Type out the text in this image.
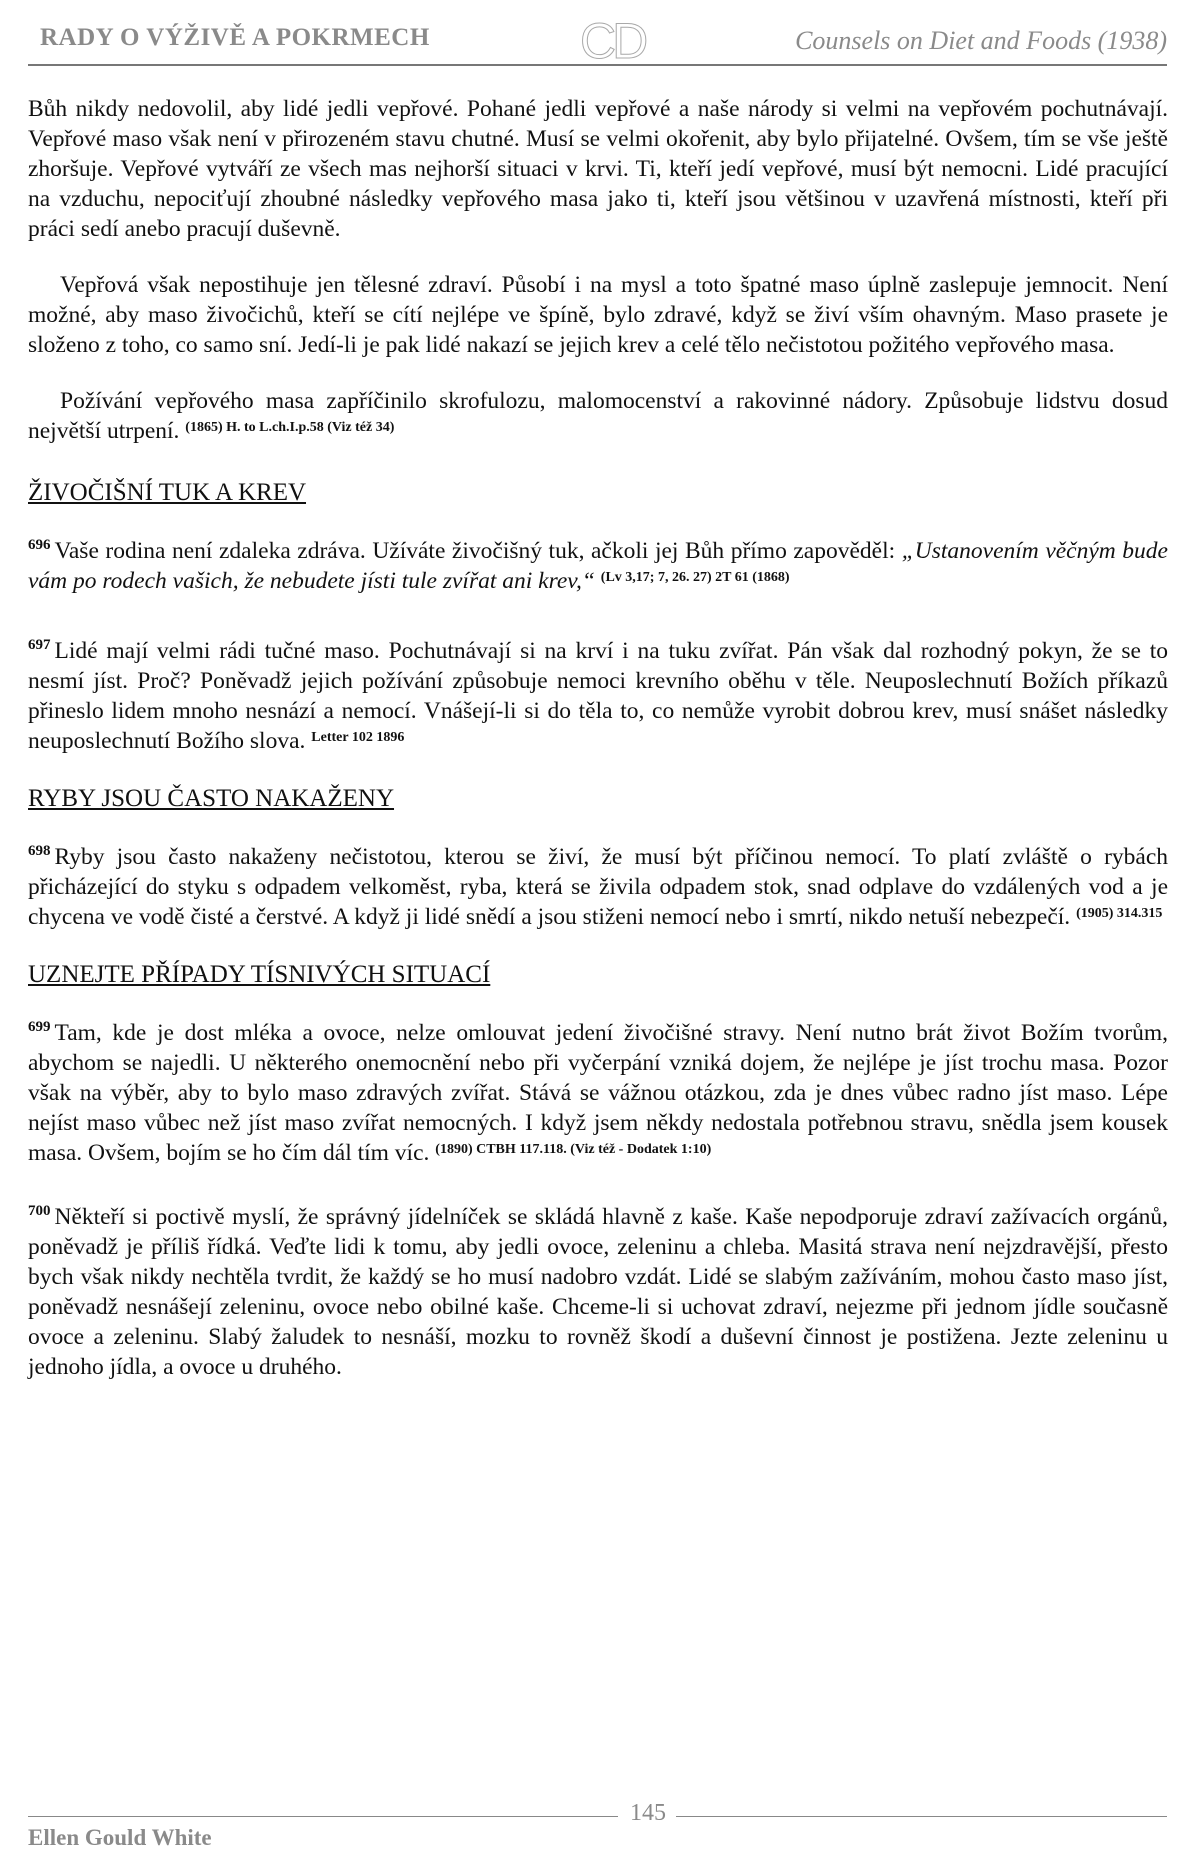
RADY O VÝŽIVĚ A POKRMECH	CD	Counsels on Diet and Foods (1938)

Bůh nikdy nedovolil, aby lidé jedli vepřové. Pohané jedli vepřové a naše národy si velmi na vepřovém pochutnávají. Vepřové maso však není v přirozeném stavu chutné. Musí se velmi okořenit, aby bylo přijatelné. Ovšem, tím se vše ještě zhoršuje. Vepřové vytváří ze všech mas nejhorší situaci v krvi. Ti, kteří jedí vepřové, musí být nemocni. Lidé pracující na vzduchu, nepociťují zhoubné následky vepřového masa jako ti, kteří jsou většinou v uzavřená místnosti, kteří při práci sedí anebo pracují duševně.

Vepřová však nepostihuje jen tělesné zdraví. Působí i na mysl a toto špatné maso úplně zaslepuje jemnocit. Není možné, aby maso živočichů, kteří se cítí nejlépe ve špíně, bylo zdravé, když se živí vším ohavným. Maso prasete je složeno z toho, co samo sní. Jedí-li je pak lidé nakazí se jejich krev a celé tělo nečistotou požitého vepřového masa.

Požívání vepřového masa zapříčinilo skrofulozu, malomocenství a rakovinné nádory. Způsobuje lidstvu dosud největší utrpení. $^{(1865) H. to L.ch.I.p.58 (Viz též 34)}$

ŽIVOČIŠNÍ TUK A KREV

$^{696}$ Vaše rodina není zdaleka zdráva. Užíváte živočišný tuk, ačkoli jej Bůh přímo zapověděl: „Ustanovením věčným bude vám po rodech vašich, že nebudete jísti tule zvířat ani krev,“ $^{(Lv 3,17; 7, 26. 27) 2T 61 (1868)}$

$^{697}$ Lidé mají velmi rádi tučné maso. Pochutnávají si na krví i na tuku zvířat. Pán však dal rozhodný pokyn, že se to nesmí jíst. Proč? Poněvadž jejich požívání způsobuje nemoci krevního oběhu v těle. Neuposlechnutí Božích příkazů přineslo lidem mnoho nesnází a nemocí. Vnášejí-li si do těla to, co nemůže vyrobit dobrou krev, musí snášet následky neuposlechnutí Božího slova. $^{Letter 102 1896}$

RYBY JSOU ČASTO NAKAŽENY

$^{698}$ Ryby jsou často nakaženy nečistotou, kterou se živí, že musí být příčinou nemocí. To platí zvláště o rybách přicházející do styku s odpadem velkoměst, ryba, která se živila odpadem stok, snad odplave do vzdálených vod a je chycena ve vodě čisté a čerstvé. A když ji lidé snědí a jsou stiženi nemocí nebo i smrtí, nikdo netuší nebezpečí. $^{(1905) 314.315}$

UZNEJTE PŘÍPADY TÍSNIVÝCH SITUACÍ

$^{699}$ Tam, kde je dost mléka a ovoce, nelze omlouvat jedení živočišné stravy. Není nutno brát život Božím tvorům, abychom se najedli. U některého onemocnění nebo při vyčerpání vzniká dojem, že nejlépe je jíst trochu masa. Pozor však na výběr, aby to bylo maso zdravých zvířat. Stává se vážnou otázkou, zda je dnes vůbec radno jíst maso. Lépe nejíst maso vůbec než jíst maso zvířat nemocných. I když jsem někdy nedostala potřebnou stravu, snědla jsem kousek masa. Ovšem, bojím se ho čím dál tím víc. $^{(1890) CTBH 117.118. (Viz též - Dodatek 1:10)}$

$^{700}$ Někteří si poctivě myslí, že správný jídelníček se skládá hlavně z kaše. Kaše nepodporuje zdraví zažívacích orgánů, poněvadž je příliš řídká. Veďte lidi k tomu, aby jedli ovoce, zeleninu a chleba. Masitá strava není nejzdravější, přesto bych však nikdy nechtěla tvrdit, že každý se ho musí nadobro vzdát. Lidé se slabým zažíváním, mohou často maso jíst, poněvadž nesnášejí zeleninu, ovoce nebo obilné kaše. Chceme-li si uchovat zdraví, nejezme při jednom jídle současně ovoce a zeleninu. Slabý žaludek to nesnáší, mozku to rovněž škodí a duševní činnost je postižena. Jezte zeleninu u jednoho jídla, a ovoce u druhého.

145
Ellen Gould White
